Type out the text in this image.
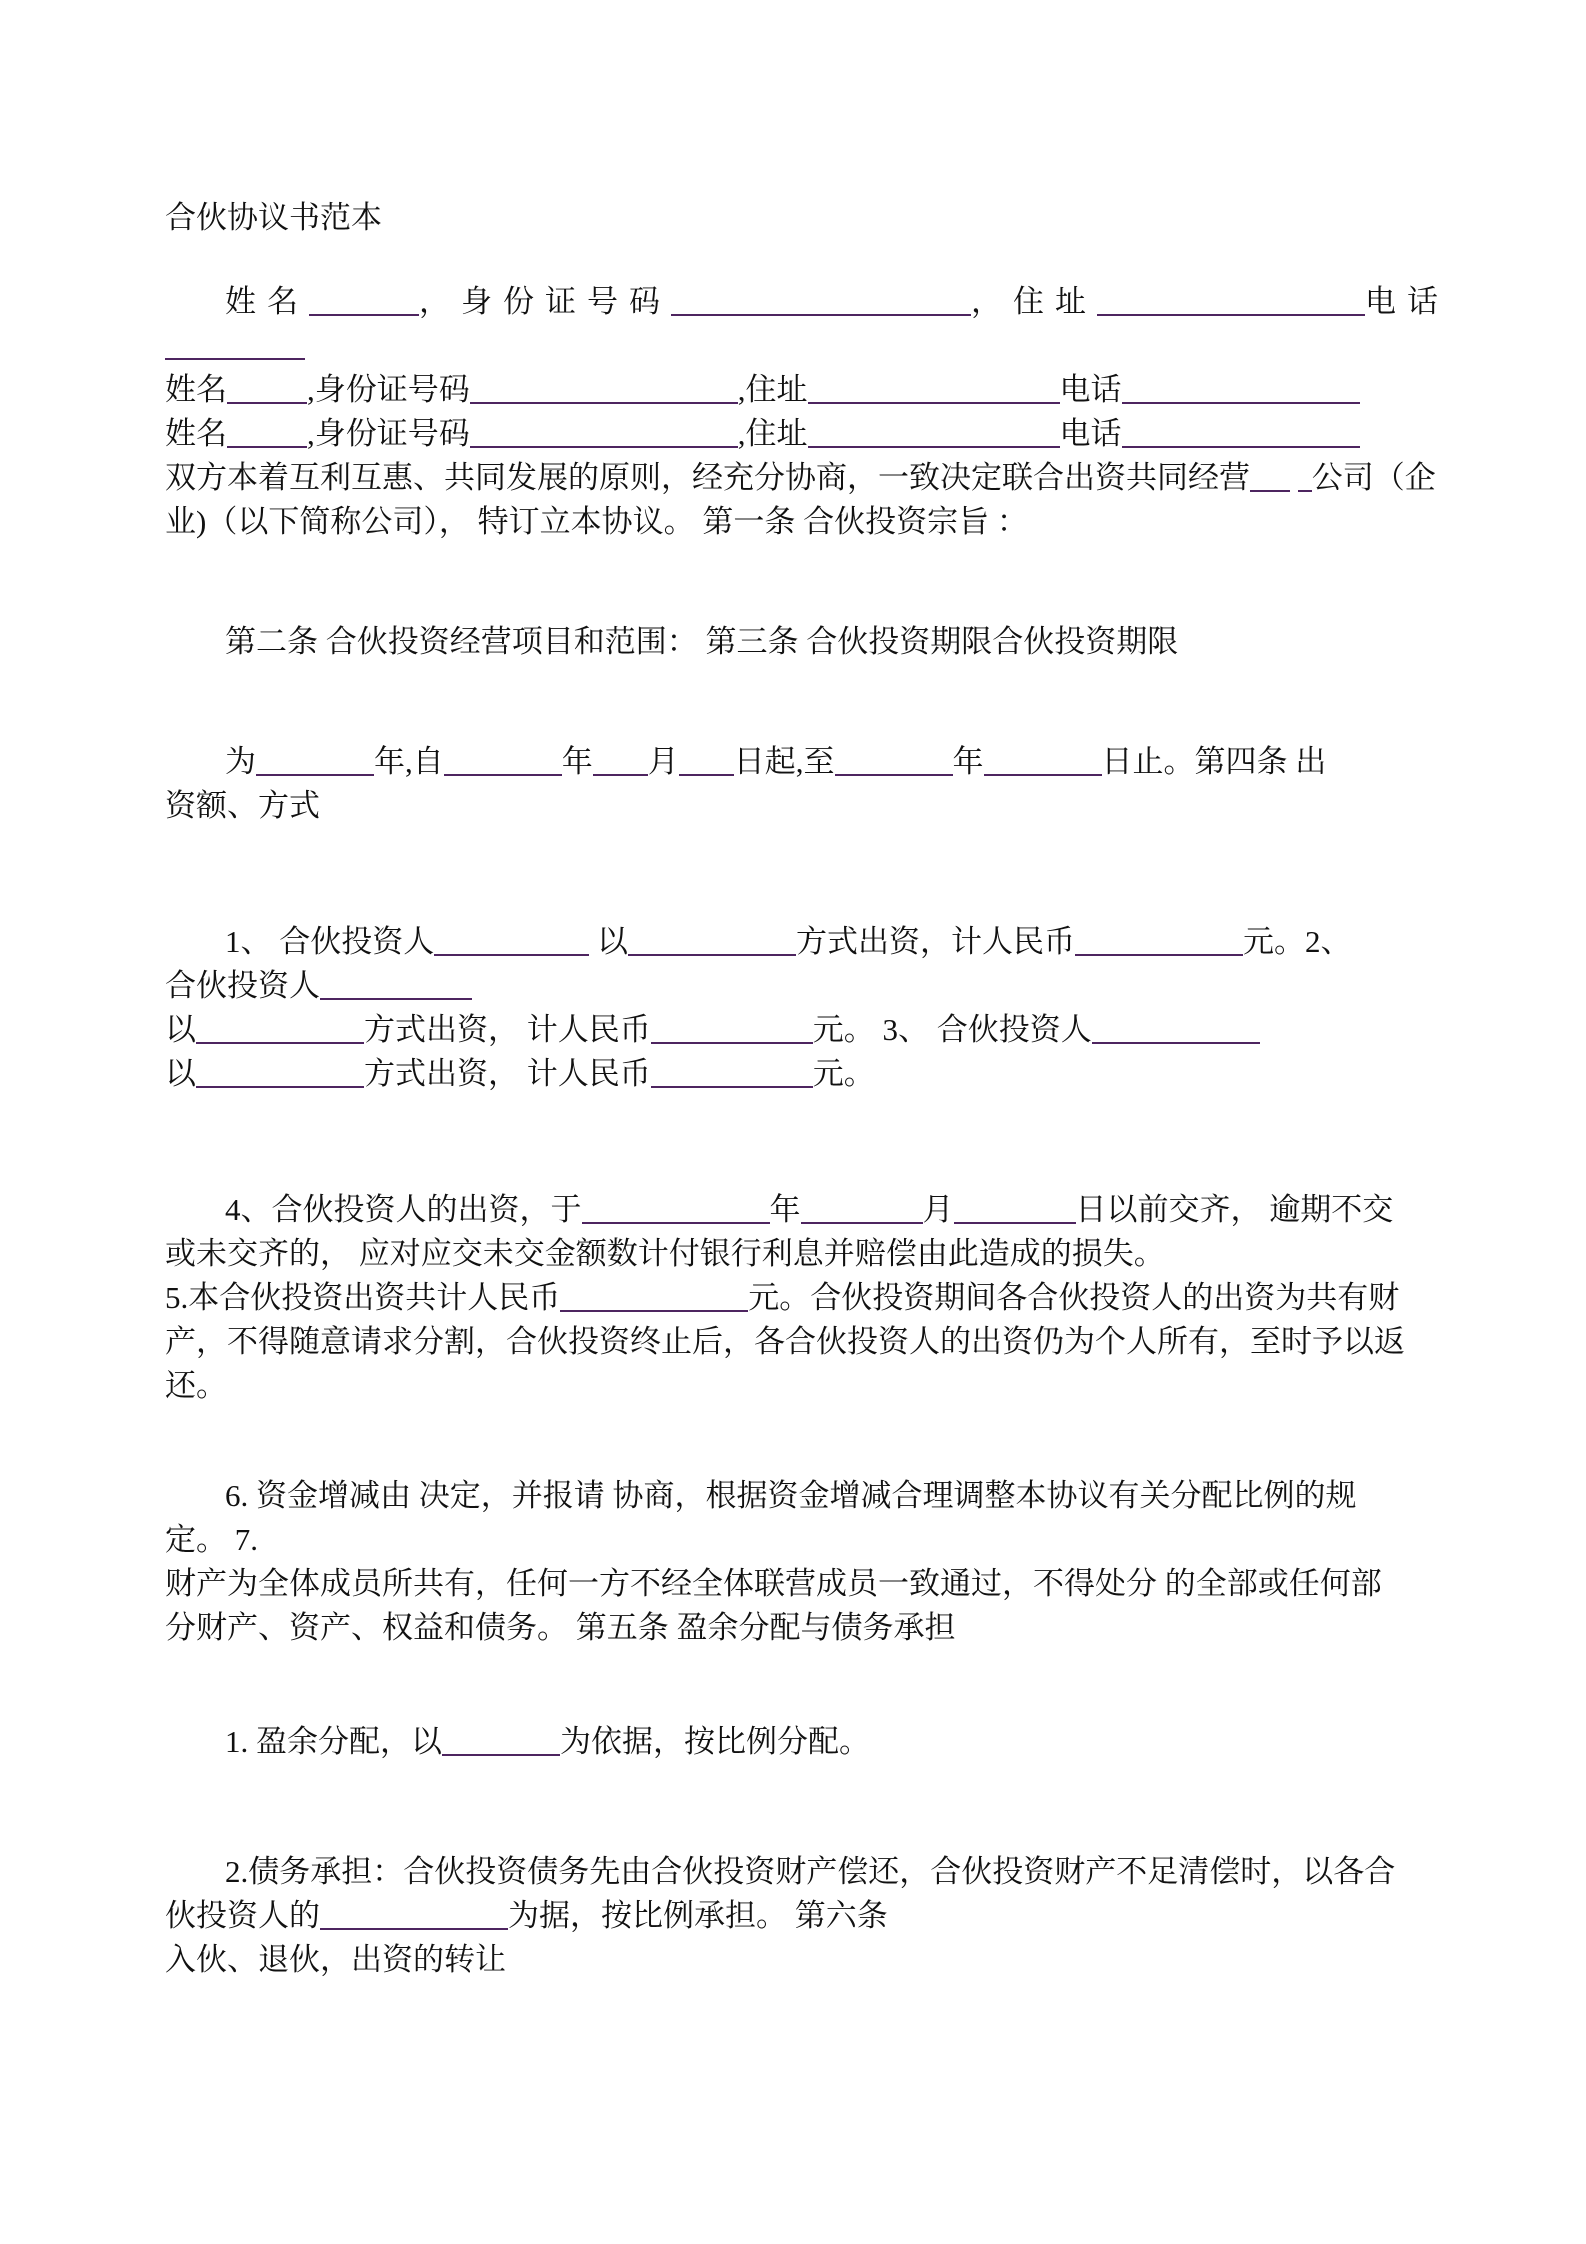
合伙协议书范本
姓名	，身份证号码	，住址	电话
姓名	,身份证号码	,住址	电话
姓名	,身份证号码	,住址	电话
双方本着互利互惠、共同发展的原则，经充分协商，一致决定联合出资共同经营 公司（企
业)（以下简称公司）， 特订立本协议。 第一条 合伙投资宗旨 ：
第二条 合伙投资经营项目和范围： 第三条 合伙投资期限合伙投资期限
为	年,自	年 月 日起,至	年	日止。第四条 出
资额、方式
1、 合伙投资人	以	方式出资，计人民币	元。2、
合伙投资人
以	方式出资， 计人民币	元。 3、 合伙投资人
以	方式出资， 计人民币	元。
4、合伙投资人的出资，于	年	月	日以前交齐， 逾期不交
或未交齐的， 应对应交未交金额数计付银行利息并赔偿由此造成的损失。
5.本合伙投资出资共计人民币	元。合伙投资期间各合伙投资人的出资为共有财
产，不得随意请求分割，合伙投资终止后，各合伙投资人的出资仍为个人所有，至时予以返
还。
6. 资金增减由 决定，并报请 协商，根据资金增减合理调整本协议有关分配比例的规
定。 7.
财产为全体成员所共有，任何一方不经全体联营成员一致通过，不得处分 的全部或任何部
分财产、资产、权益和债务。 第五条 盈余分配与债务承担
1. 盈余分配，以	为依据，按比例分配。
2.债务承担：合伙投资债务先由合伙投资财产偿还，合伙投资财产不足清偿时，以各合
伙投资人的	为据，按比例承担。 第六条
入伙、退伙，出资的转让
